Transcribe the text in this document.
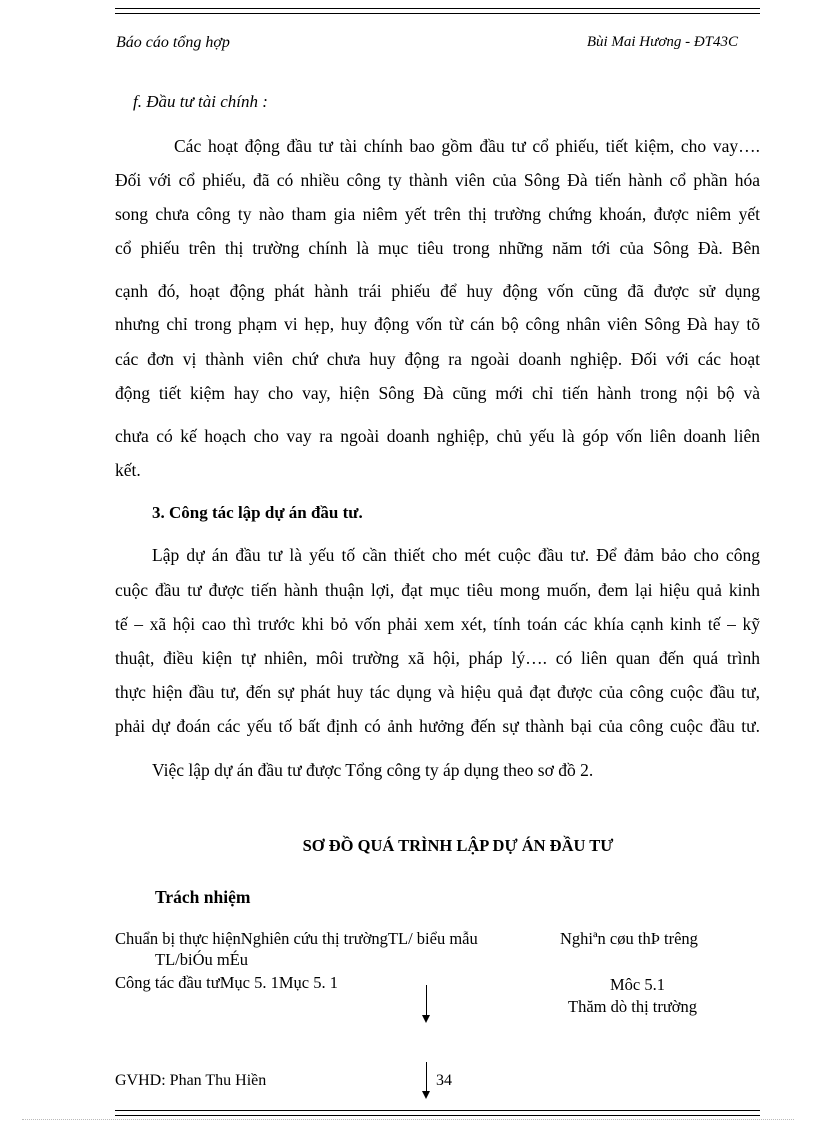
Báo cáo tổng hợp	Bùi Mai Hương - ĐT43C
f. Đầu tư tài chính :
Các hoạt động đầu tư tài chính bao gồm đầu tư cổ phiếu, tiết kiệm, cho vay….
Đối với cổ phiếu, đã có nhiều công ty thành viên của Sông Đà tiến hành cổ phần hóa
song chưa công ty nào tham gia niêm yết trên thị trường chứng khoán, được niêm yết
cổ phiếu trên thị trường chính là mục tiêu trong những năm tới của Sông Đà. Bên
cạnh đó, hoạt động phát hành trái phiếu để huy động vốn cũng đã được sử dụng
nhưng chỉ trong phạm vi hẹp, huy động vốn từ cán bộ công nhân viên Sông Đà hay tõ
các đơn vị thành viên chứ chưa huy động ra ngoài doanh nghiệp. Đối với các hoạt
động tiết kiệm hay cho vay, hiện Sông Đà cũng mới chỉ tiến hành trong nội bộ và
chưa có kế hoạch cho vay ra ngoài doanh nghiệp, chủ yếu là góp vốn liên doanh liên
kết.
3. Công tác lập dự án đầu tư.
Lập dự án đầu tư là yếu tố cần thiết cho mét cuộc đầu tư. Để đảm bảo cho công
cuộc đầu tư được tiến hành thuận lợi, đạt mục tiêu mong muốn, đem lại hiệu quả kinh
tế – xã hội cao thì trước khi bỏ vốn phải xem xét, tính toán các khía cạnh kinh tế – kỹ
thuật, điều kiện tự nhiên, môi trường xã hội, pháp lý…. có liên quan đến quá trình
thực hiện đầu tư, đến sự phát huy tác dụng và hiệu quả đạt được của công cuộc đầu tư,
phải dự đoán các yếu tố bất định có ảnh hưởng đến sự thành bại của công cuộc đầu tư.
Việc lập dự án đầu tư được Tổng công ty áp dụng theo sơ đồ 2.
SƠ ĐỒ QUÁ TRÌNH LẬP DỰ ÁN ĐẦU TƯ
Trách nhiệm
Chuẩn bị thực hiệnNghiên cứu thị trườngTL/ biểu mẫu
TL/biÓu mÉu
Nghiªn cøu thÞ trêng
Công tác đầu tưMục 5. 1Mục 5. 1	Môc 5.1
Thăm dò thị trường
GVHD: Phan Thu Hiền	34
